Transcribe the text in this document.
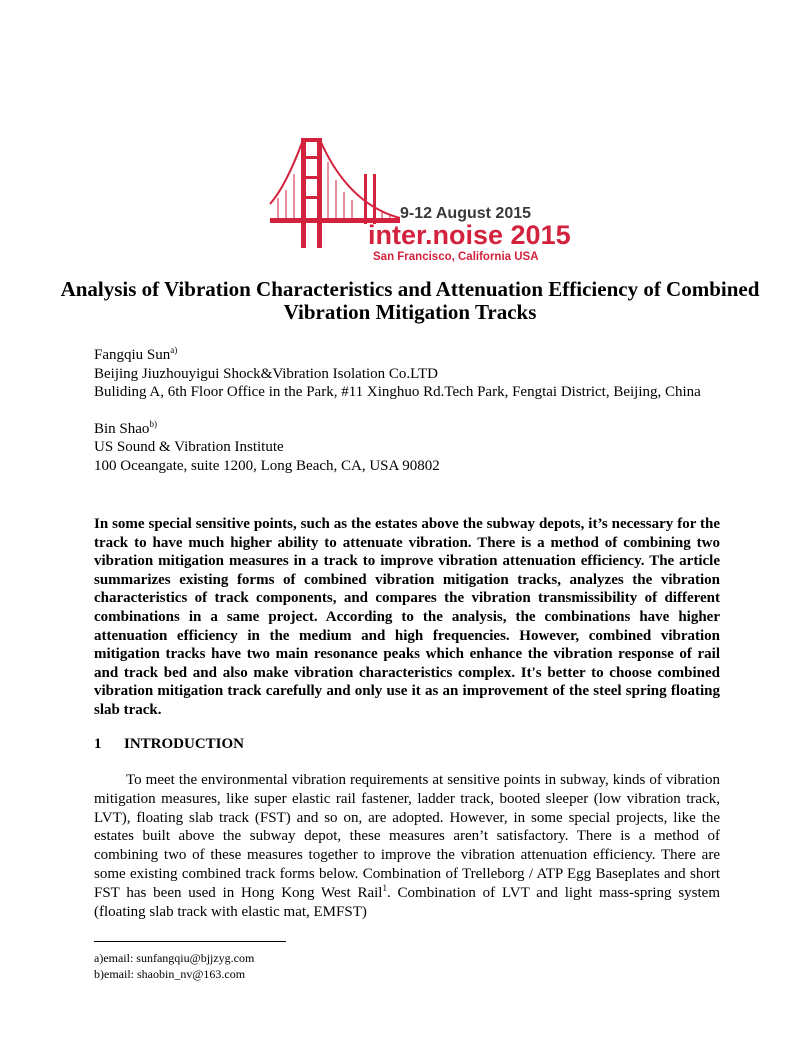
9-12 August 2015
inter.noise 2015
San Francisco, California USA
Analysis of Vibration Characteristics and Attenuation Efficiency of Combined Vibration Mitigation Tracks

Fangqiu Sun$^{a)}$

Beijing Jiuzhouyigui Shock&Vibration Isolation Co.LTD

Buliding A, 6th Floor Office in the Park, #11 Xinghuo Rd.Tech Park, Fengtai District, Beijing, China

Bin Shao$^{b)}$

US Sound & Vibration Institute

100 Oceangate, suite 1200, Long Beach, CA, USA 90802

In some special sensitive points, such as the estates above the subway depots, it’s necessary for the track to have much higher ability to attenuate vibration. There is a method of combining two vibration mitigation measures in a track to improve vibration attenuation efficiency. The article summarizes existing forms of combined vibration mitigation tracks, analyzes the vibration characteristics of track components, and compares the vibration transmissibility of different combinations in a same project. According to the analysis, the combinations have higher attenuation efficiency in the medium and high frequencies. However, combined vibration mitigation tracks have two main resonance peaks which enhance the vibration response of rail and track bed and also make vibration characteristics complex. It's better to choose combined vibration mitigation track carefully and only use it as an improvement of the steel spring floating slab track.
1 INTRODUCTION
To meet the environmental vibration requirements at sensitive points in subway, kinds of vibration mitigation measures, like super elastic rail fastener, ladder track, booted sleeper (low vibration track, LVT), floating slab track (FST) and so on, are adopted. However, in some special projects, like the estates built above the subway depot, these measures aren’t satisfactory. There is a method of combining two of these measures together to improve the vibration attenuation efficiency. There are some existing combined track forms below. Combination of Trelleborg / ATP Egg Baseplates and short FST has been used in Hong Kong West Rail$^1$. Combination of LVT and light mass-spring system (floating slab track with elastic mat, EMFST)

a)email: sunfangqiu@bjjzyg.com

b)email: shaobin_nv@163.com
